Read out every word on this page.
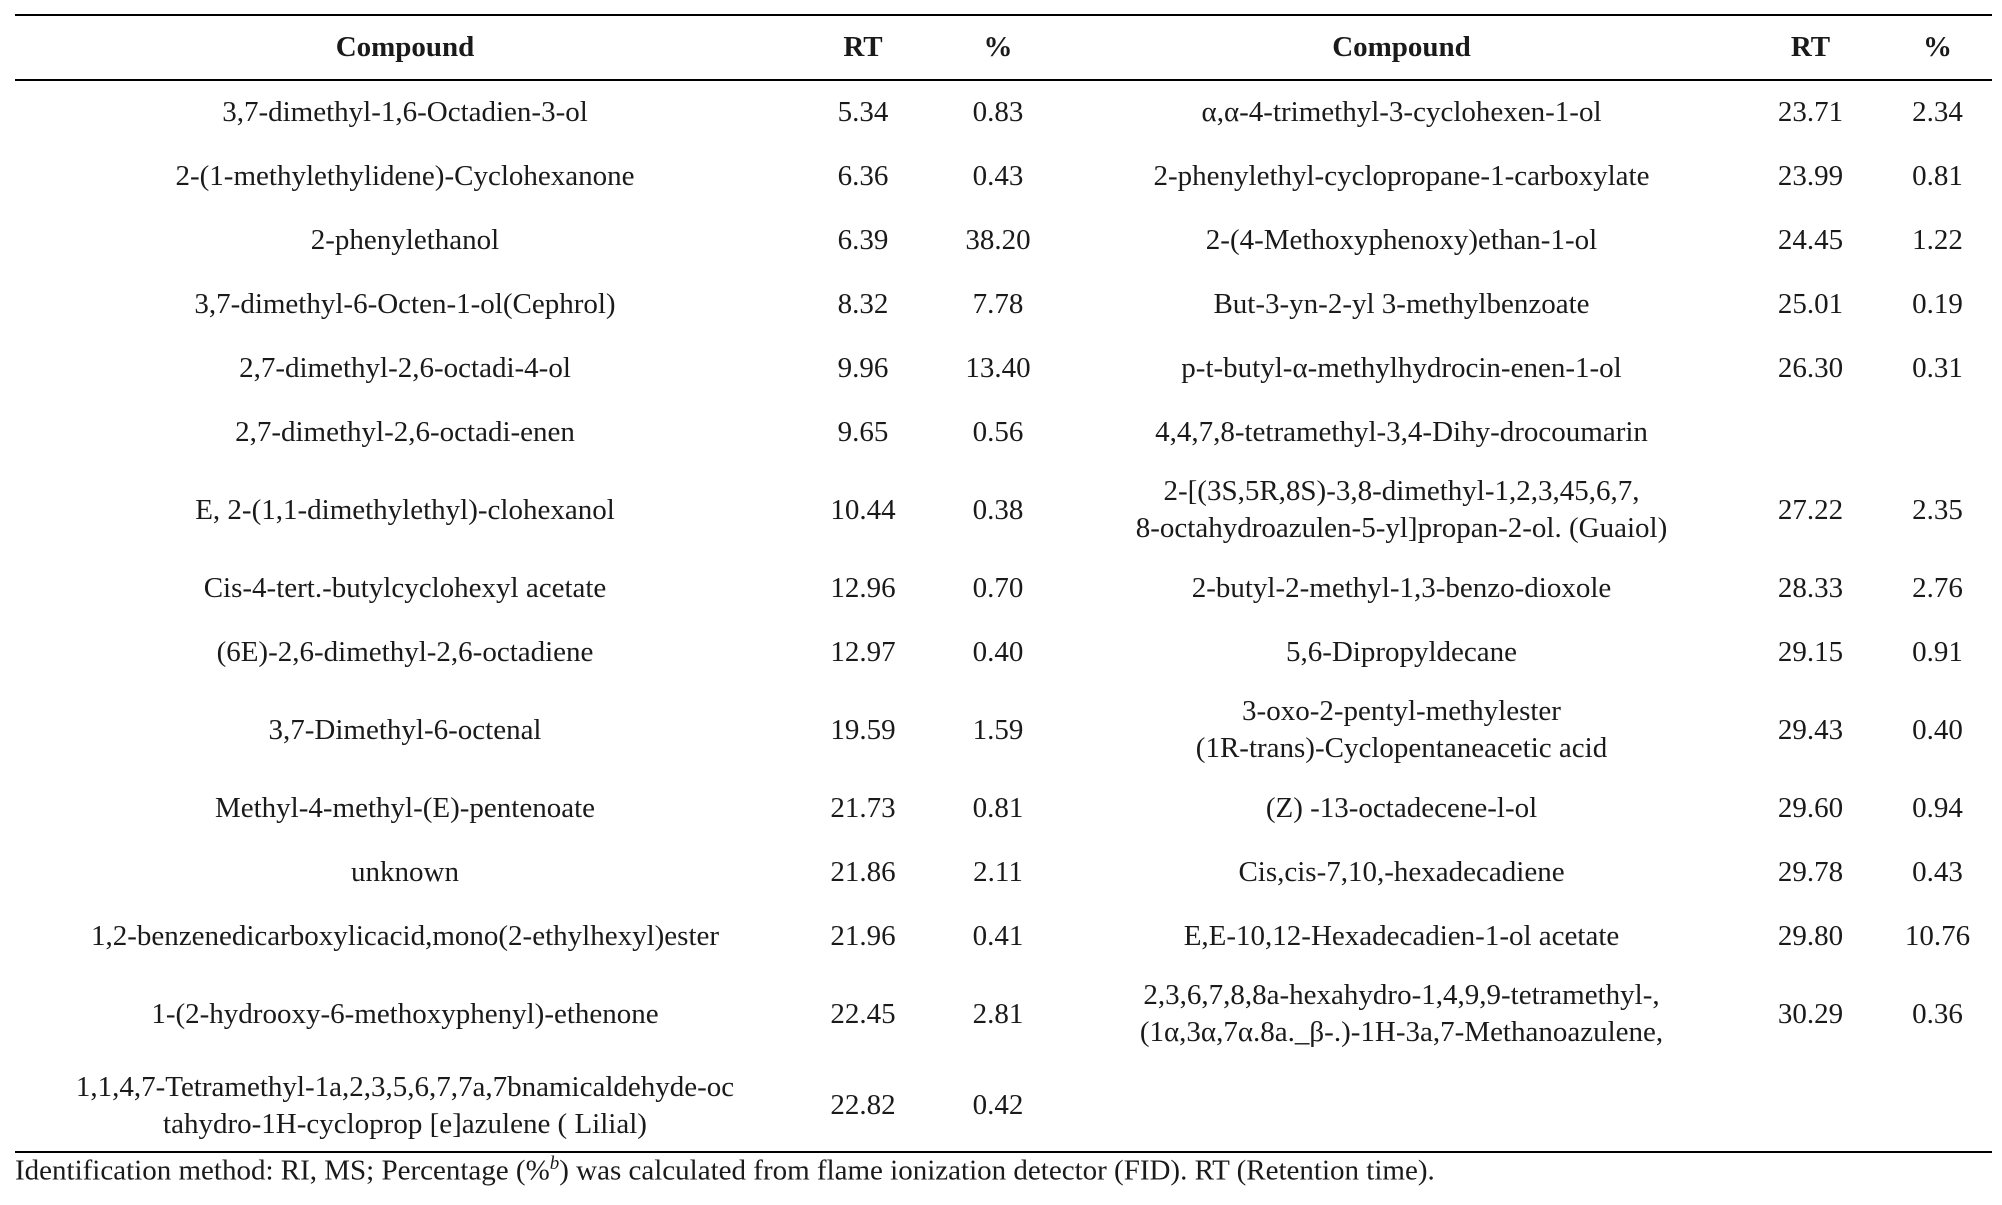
Compound	RT	%	Compound	RT	%

3,7-dimethyl-1,6-Octadien-3-ol	5.34	0.83	α,α-4-trimethyl-3-cyclohexen-1-ol	23.71	2.34

2-(1-methylethylidene)-Cyclohexanone	6.36	0.43	2-phenylethyl-cyclopropane-1-carboxylate	23.99	0.81

2-phenylethanol	6.39	38.20	2-(4-Methoxyphenoxy)ethan-1-ol	24.45	1.22

3,7-dimethyl-6-Octen-1-ol(Cephrol)	8.32	7.78	But-3-yn-2-yl 3-methylbenzoate	25.01	0.19

2,7-dimethyl-2,6-octadi-4-ol	9.96	13.40	p-t-butyl-α-methylhydrocin-enen-1-ol	26.30	0.31

2,7-dimethyl-2,6-octadi-enen	9.65	0.56	4,4,7,8-tetramethyl-3,4-Dihy-drocoumarin		

E, 2-(1,1-dimethylethyl)-clohexanol	10.44	0.38	2-[(3S,5R,8S)-3,8-dimethyl-1,2,3,45,6,7,
8-octahydroazulen-5-yl]propan-2-ol. (Guaiol)	27.22	2.35

Cis-4-tert.-butylcyclohexyl acetate	12.96	0.70	2-butyl-2-methyl-1,3-benzo-dioxole	28.33	2.76

(6E)-2,6-dimethyl-2,6-octadiene	12.97	0.40	5,6-Dipropyldecane	29.15	0.91

3,7-Dimethyl-6-octenal	19.59	1.59	3-oxo-2-pentyl-methylester
(1R-trans)-Cyclopentaneacetic acid	29.43	0.40

Methyl-4-methyl-(E)-pentenoate	21.73	0.81	(Z) -13-octadecene-l-ol	29.60	0.94

unknown	21.86	2.11	Cis,cis-7,10,-hexadecadiene	29.78	0.43

1,2-benzenedicarboxylicacid,mono(2-ethylhexyl)ester	21.96	0.41	E,E-10,12-Hexadecadien-1-ol acetate	29.80	10.76

1-(2-hydrooxy-6-methoxyphenyl)-ethenone	22.45	2.81	2,3,6,7,8,8a-hexahydro-1,4,9,9-tetramethyl-,
(1α,3α,7α.8a._β-.)-1H-3a,7-Methanoazulene,	30.29	0.36

1,1,4,7-Tetramethyl-1a,2,3,5,6,7,7a,7bnamicaldehyde-oc
tahydro-1H-cycloprop [e]azulene ( Lilial)	22.82	0.42	

Identification method: RI, MS; Percentage (%$^b$) was calculated from flame ionization detector (FID). RT (Retention time).
